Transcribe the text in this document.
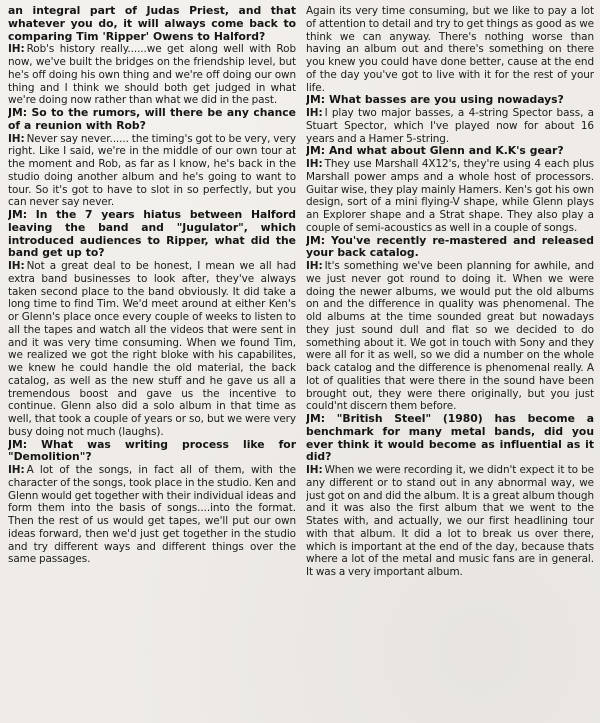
an integral part of Judas Priest, and that whatever you do, it will always come back to comparing Tim 'Ripper' Owens to Halford?

IH: Rob's history really......we get along well with Rob now, we've built the bridges on the friendship level, but he's off doing his own thing and we're off doing our own thing and I think we should both get judged in what we're doing now rather than what we did in the past.

JM: So to the rumors, will there be any chance of a reunion with Rob?

IH: Never say never...... the timing's got to be very, very right. Like I said, we're in the middle of our own tour at the moment and Rob, as far as I know, he's back in the studio doing another album and he's going to want to tour. So it's got to have to slot in so perfectly, but you can never say never.

JM: In the 7 years hiatus between Halford leaving the band and "Jugulator", which introduced audiences to Ripper, what did the band get up to?

IH: Not a great deal to be honest, I mean we all had extra band businesses to look after, they've always taken second place to the band obviously. It did take a long time to find Tim. We'd meet around at either Ken's or Glenn's place once every couple of weeks to listen to all the tapes and watch all the videos that were sent in and it was very time consuming. When we found Tim, we realized we got the right bloke with his capabilites, we knew he could handle the old material, the back catalog, as well as the new stuff and he gave us all a tremendous boost and gave us the incentive to continue. Glenn also did a solo album in that time as well, that took a couple of years or so, but we were very busy doing not much (laughs).

JM: What was writing process like for "Demolition"?

IH: A lot of the songs, in fact all of them, with the character of the songs, took place in the studio. Ken and Glenn would get together with their individual ideas and form them into the basis of songs....into the format. Then the rest of us would get tapes, we'll put our own ideas forward, then we'd just get together in the studio and try different ways and different things over the same passages.

Again its very time consuming, but we like to pay a lot of attention to detail and try to get things as good as we think we can anyway. There's nothing worse than having an album out and there's something on there you knew you could have done better, cause at the end of the day you've got to live with it for the rest of your life.

JM: What basses are you using nowadays?

IH: I play two major basses, a 4-string Spector bass, a Stuart Spector, which I've played now for about 16 years and a Hamer 5-string.

JM: And what about Glenn and K.K's gear?

IH: They use Marshall 4X12's, they're using 4 each plus Marshall power amps and a whole host of processors. Guitar wise, they play mainly Hamers. Ken's got his own design, sort of a mini flying-V shape, while Glenn plays an Explorer shape and a Strat shape. They also play a couple of semi-acoustics as well in a couple of songs.

JM: You've recently re-mastered and released your back catalog.

IH: It's something we've been planning for awhile, and we just never got round to doing it. When we were doing the newer albums, we would put the old albums on and the difference in quality was phenomenal. The old albums at the time sounded great but nowadays they just sound dull and flat so we decided to do something about it. We got in touch with Sony and they were all for it as well, so we did a number on the whole back catalog and the difference is phenomenal really. A lot of qualities that were there in the sound have been brought out, they were there originally, but you just could'nt discern them before.

JM: "British Steel" (1980) has become a benchmark for many metal bands, did you ever think it would become as influential as it did?

IH: When we were recording it, we didn't expect it to be any different or to stand out in any abnormal way, we just got on and did the album. It is a great album though and it was also the first album that we went to the States with, and actually, we our first headlining tour with that album. It did a lot to break us over there, which is important at the end of the day, because thats where a lot of the metal and music fans are in general. It was a very important album.
